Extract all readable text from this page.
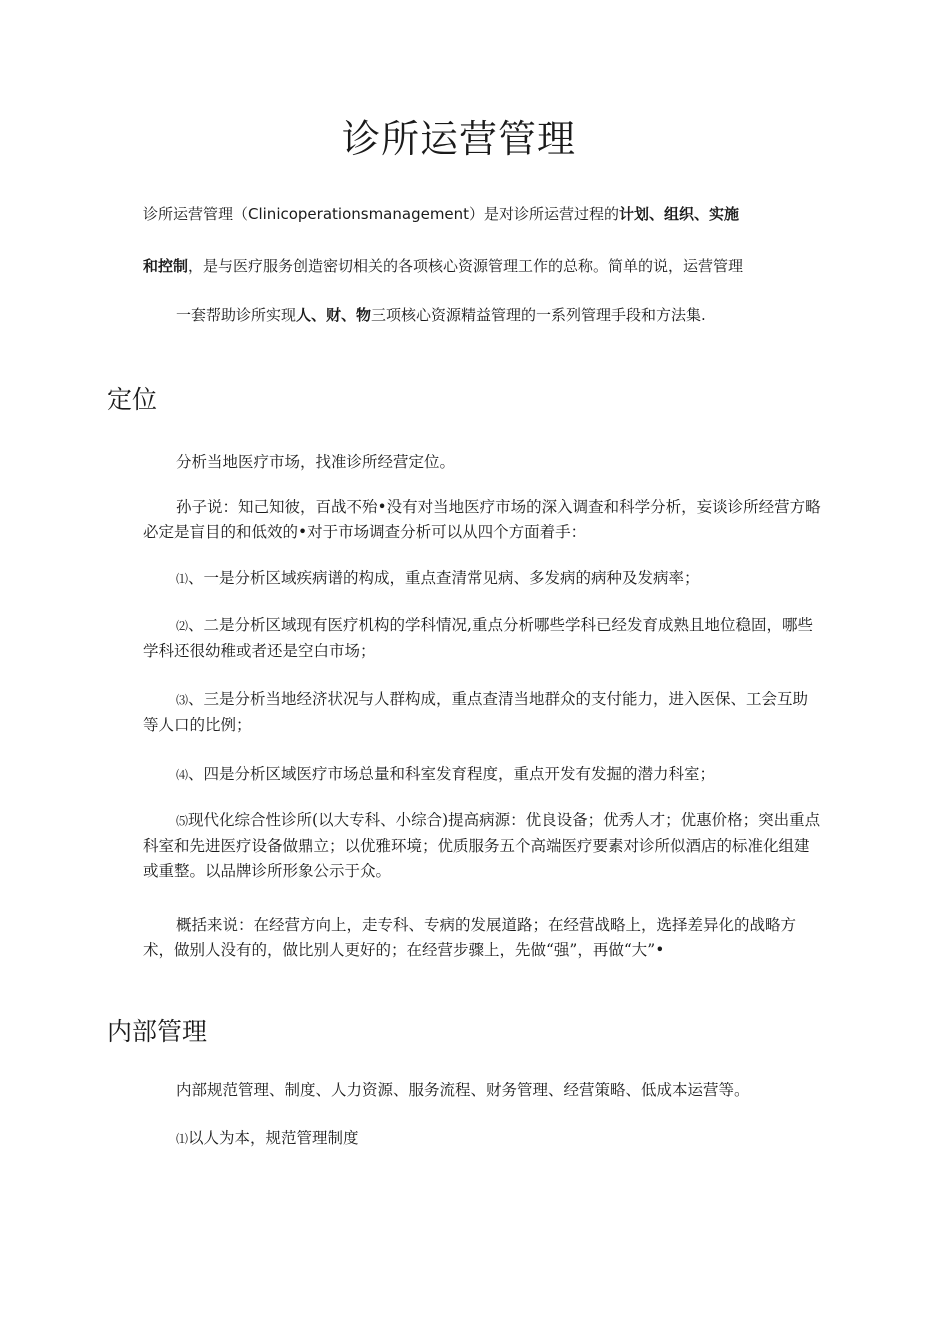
诊所运营管理

诊所运营管理（Clinicoperationsmanagement）是对诊所运营过程的计划、组织、实施

和控制，是与医疗服务创造密切相关的各项核心资源管理工作的总称。简单的说，运营管理

一套帮助诊所实现人、财、物三项核心资源精益管理的一系列管理手段和方法集.

定位

分析当地医疗市场，找准诊所经营定位。

孙子说：知己知彼，百战不殆•没有对当地医疗市场的深入调查和科学分析，妄谈诊所经营方略必定是盲目的和低效的•对于市场调查分析可以从四个方面着手：

⑴、一是分析区域疾病谱的构成，重点查清常见病、多发病的病种及发病率；

⑵、二是分析区域现有医疗机构的学科情况,重点分析哪些学科已经发育成熟且地位稳固，哪些学科还很幼稚或者还是空白市场；

⑶、三是分析当地经济状况与人群构成，重点查清当地群众的支付能力，进入医保、工会互助等人口的比例；

⑷、四是分析区域医疗市场总量和科室发育程度，重点开发有发掘的潜力科室；

⑸现代化综合性诊所(以大专科、小综合)提高病源：优良设备；优秀人才；优惠价格；突出重点科室和先进医疗设备做鼎立；以优雅环境；优质服务五个高端医疗要素对诊所似酒店的标准化组建或重整。以品牌诊所形象公示于众。

概括来说：在经营方向上，走专科、专病的发展道路；在经营战略上，选择差异化的战略方术，做别人没有的，做比别人更好的；在经营步骤上，先做“强”，再做“大”•

内部管理

内部规范管理、制度、人力资源、服务流程、财务管理、经营策略、低成本运营等。

⑴以人为本，规范管理制度
